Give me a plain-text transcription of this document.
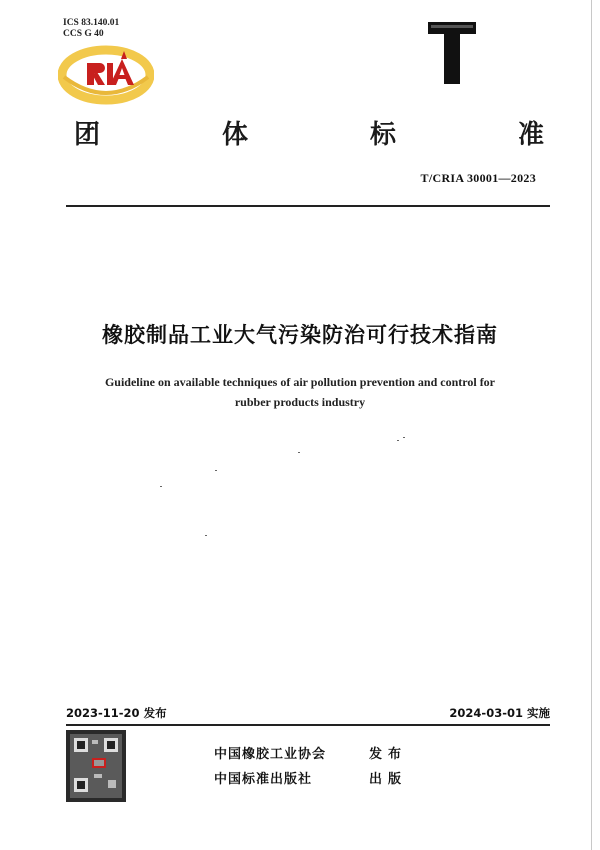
ICS 83.140.01
CCS G 40
团	体	标	准
T/CRIA 30001—2023
橡胶制品工业大气污染防治可行技术指南
Guideline on available techniques of air pollution prevention and control for
rubber products industry
2023-11-20 发布	2024-03-01 实施
中国橡胶工业协会	发布
中国标准出版社	出版
